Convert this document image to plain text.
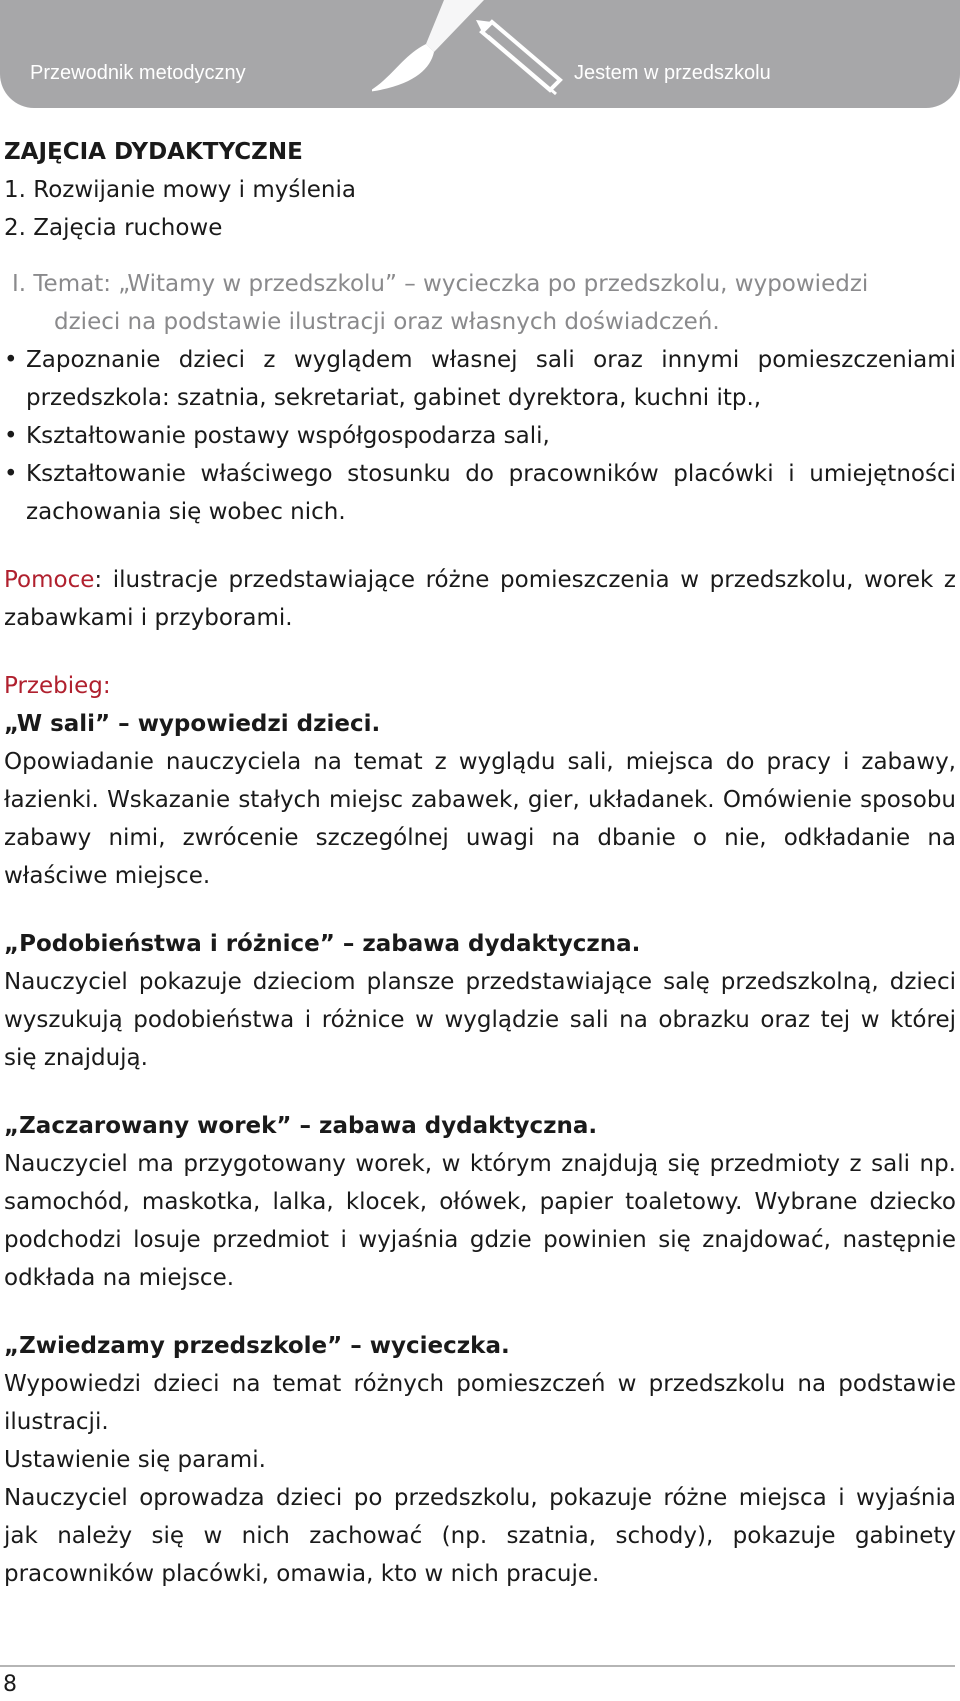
Przewodnik metodyczny	Jestem w przedszkolu
ZAJĘCIA DYDAKTYCZNE
1. Rozwijanie mowy i myślenia
2. Zajęcia ruchowe
I. Temat: „Witamy w przedszkolu” – wycieczka po przedszkolu, wypowiedzi
dzieci na podstawie ilustracji oraz własnych doświadczeń.
• Zapoznanie dzieci z wyglądem własnej sali oraz innymi pomieszczeniami przedszkola: szatnia, sekretariat, gabinet dyrektora, kuchni itp.,
• Kształtowanie postawy współgospodarza sali,
• Kształtowanie właściwego stosunku do pracowników placówki i umiejętności zachowania się wobec nich.
Pomoce: ilustracje przedstawiające różne pomieszczenia w przedszkolu, worek z zabawkami i przyborami.
Przebieg:
„W sali” – wypowiedzi dzieci.
Opowiadanie nauczyciela na temat z wyglądu sali, miejsca do pracy i zabawy, łazienki. Wskazanie stałych miejsc zabawek, gier, układanek. Omówienie sposobu zabawy nimi, zwrócenie szczególnej uwagi na dbanie o nie, odkładanie na właściwe miejsce.
„Podobieństwa i różnice” – zabawa dydaktyczna.
Nauczyciel pokazuje dzieciom plansze przedstawiające salę przedszkolną, dzieci wyszukują podobieństwa i różnice w wyglądzie sali na obrazku oraz tej w której się znajdują.
„Zaczarowany worek” – zabawa dydaktyczna.
Nauczyciel ma przygotowany worek, w którym znajdują się przedmioty z sali np. samochód, maskotka, lalka, klocek, ołówek, papier toaletowy. Wybrane dziecko podchodzi losuje przedmiot i wyjaśnia gdzie powinien się znajdować, następnie odkłada na miejsce.
„Zwiedzamy przedszkole” – wycieczka.
Wypowiedzi dzieci na temat różnych pomieszczeń w przedszkolu na podstawie ilustracji.
Ustawienie się parami.
Nauczyciel oprowadza dzieci po przedszkolu, pokazuje różne miejsca i wyjaśnia jak należy się w nich zachować (np. szatnia, schody), pokazuje gabinety pracowników placówki, omawia, kto w nich pracuje.
8
